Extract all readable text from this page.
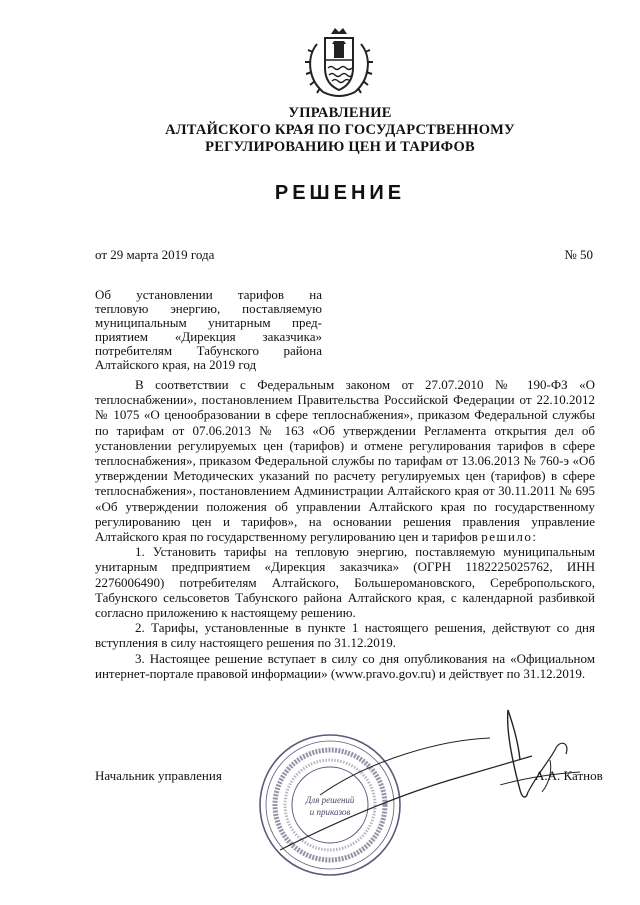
УПРАВЛЕНИЕ
АЛТАЙСКОГО КРАЯ ПО ГОСУДАРСТВЕННОМУ
РЕГУЛИРОВАНИЮ ЦЕН И ТАРИФОВ
РЕШЕНИЕ
от 29 марта 2019 года	№ 50
Об установлении тарифов на
тепловую энергию, поставляемую
муниципальным унитарным пред-
приятием «Дирекция заказчика»
потребителям Табунского района
Алтайского края, на 2019 год

В соответствии с Федеральным законом от 27.07.2010 № 190-ФЗ «О теплоснабжении», постановлением Правительства Российской Федерации от 22.10.2012 № 1075 «О ценообразовании в сфере теплоснабжения», приказом Федеральной службы по тарифам от 07.06.2013 № 163 «Об утверждении Регламента открытия дел об установлении регулируемых цен (тарифов) и отмене регулирования тарифов в сфере теплоснабжения», приказом Федеральной службы по тарифам от 13.06.2013 № 760-э «Об утверждении Методических указаний по расчету регулируемых цен (тарифов) в сфере теплоснабжения», постановлением Администрации Алтайского края от 30.11.2011 № 695 «Об утверждении положения об управлении Алтайского края по государственному регулированию цен и тарифов», на основании решения правления управление Алтайского края по государственному регулированию цен и тарифов решило:

1. Установить тарифы на тепловую энергию, поставляемую муниципальным унитарным предприятием «Дирекция заказчика» (ОГРН 1182225025762, ИНН 2276006490) потребителям Алтайского, Большеромановского, Серебропольского, Табунского сельсоветов Табунского района Алтайского края, с календарной разбивкой согласно приложению к настоящему решению.

2. Тарифы, установленные в пункте 1 настоящего решения, действуют со дня вступления в силу настоящего решения по 31.12.2019.

3. Настоящее решение вступает в силу со дня опубликования на «Официальном интернет-портале правовой информации» (www.pravo.gov.ru) и действует по 31.12.2019.

Начальник управления
Для решений
и приказов
А.А. Катнов
